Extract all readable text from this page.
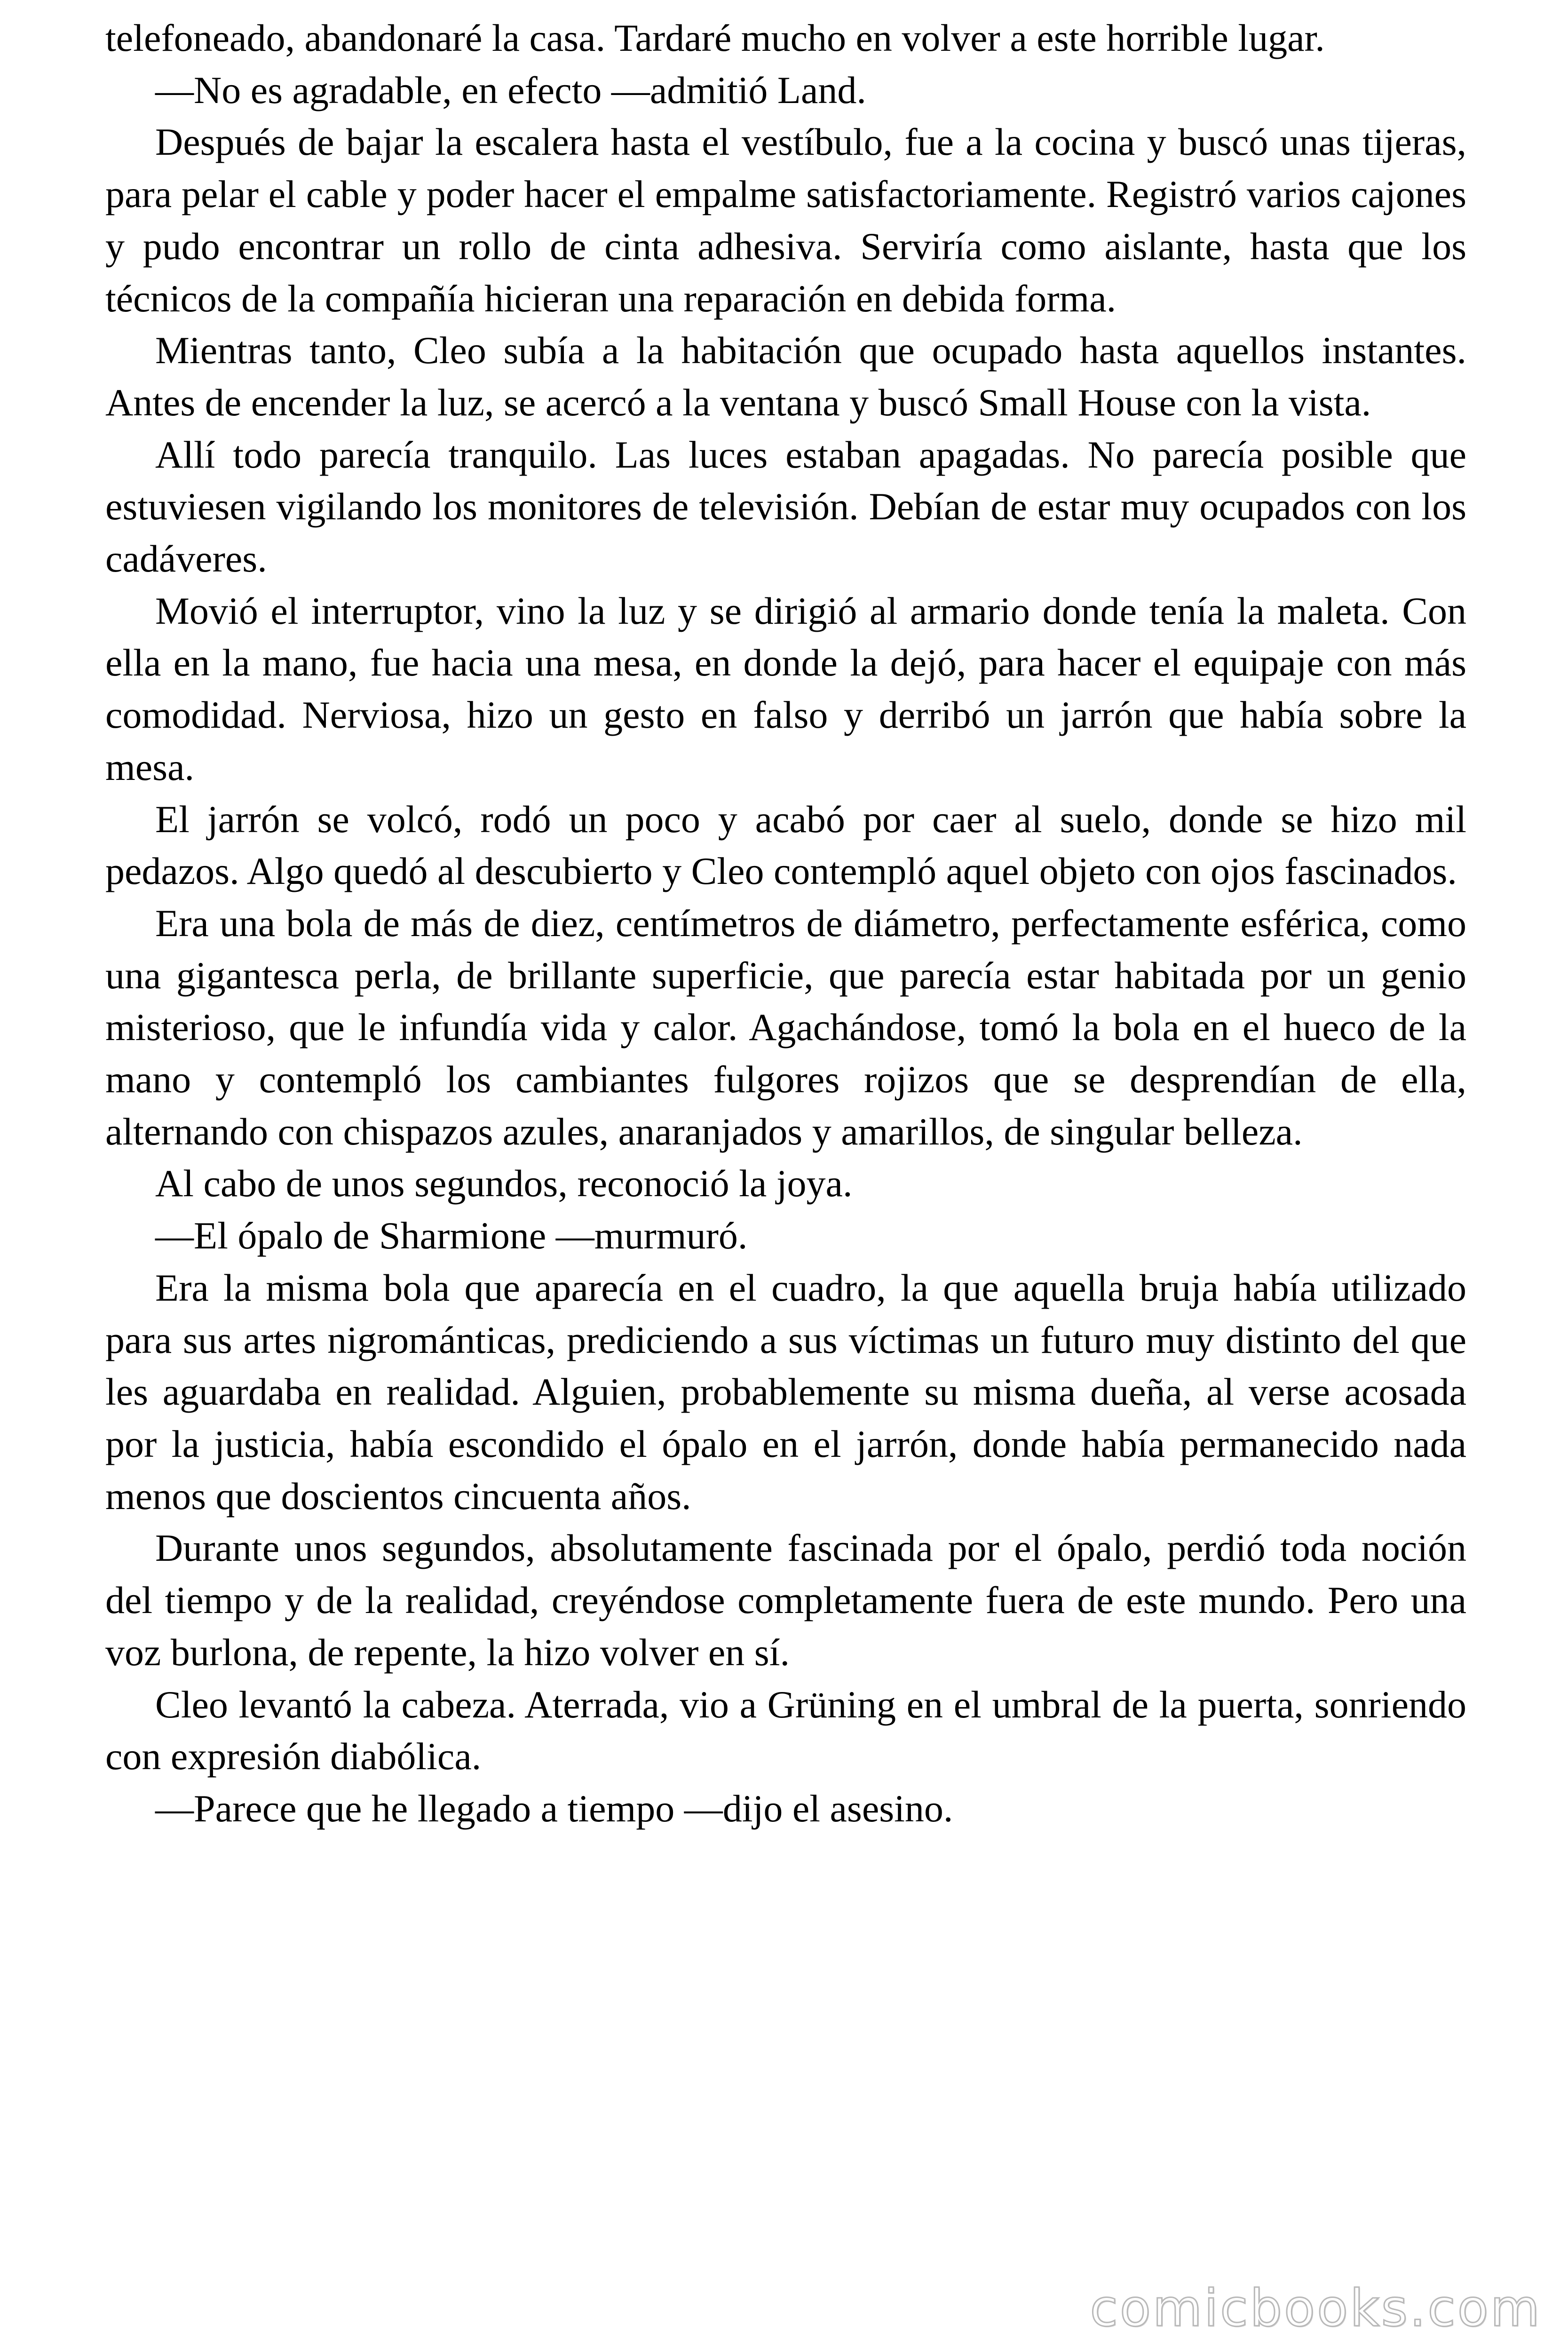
telefoneado, abandonaré la casa. Tardaré mucho en volver a este horrible lugar.

—No es agradable, en efecto —admitió Land.

Después de bajar la escalera hasta el vestíbulo, fue a la cocina y buscó unas tijeras, para pelar el cable y poder hacer el empalme satisfactoriamente. Registró varios cajones y pudo encontrar un rollo de cinta adhesiva. Serviría como aislante, hasta que los técnicos de la compañía hicieran una reparación en debida forma.

Mientras tanto, Cleo subía a la habitación que ocupado hasta aquellos instantes. Antes de encender la luz, se acercó a la ventana y buscó Small House con la vista.

Allí todo parecía tranquilo. Las luces estaban apagadas. No parecía posible que estuviesen vigilando los monitores de televisión. Debían de estar muy ocupados con los cadáveres.

Movió el interruptor, vino la luz y se dirigió al armario donde tenía la maleta. Con ella en la mano, fue hacia una mesa, en donde la dejó, para hacer el equipaje con más comodidad. Nerviosa, hizo un gesto en falso y derribó un jarrón que había sobre la mesa.

El jarrón se volcó, rodó un poco y acabó por caer al suelo, donde se hizo mil pedazos. Algo quedó al descubierto y Cleo contempló aquel objeto con ojos fascinados.

Era una bola de más de diez, centímetros de diámetro, perfectamente esférica, como una gigantesca perla, de brillante superficie, que parecía estar habitada por un genio misterioso, que le infundía vida y calor. Agachándose, tomó la bola en el hueco de la mano y contempló los cambiantes fulgores rojizos que se desprendían de ella, alternando con chispazos azules, anaranjados y amarillos, de singular belleza.

Al cabo de unos segundos, reconoció la joya.

—El ópalo de Sharmione —murmuró.

Era la misma bola que aparecía en el cuadro, la que aquella bruja había utilizado para sus artes nigrománticas, prediciendo a sus víctimas un futuro muy distinto del que les aguardaba en realidad. Alguien, probablemente su misma dueña, al verse acosada por la justicia, había escondido el ópalo en el jarrón, donde había permanecido nada menos que doscientos cincuenta años.

Durante unos segundos, absolutamente fascinada por el ópalo, perdió toda noción del tiempo y de la realidad, creyéndose completamente fuera de este mundo. Pero una voz burlona, de repente, la hizo volver en sí.

Cleo levantó la cabeza. Aterrada, vio a Grüning en el umbral de la puerta, sonriendo con expresión diabólica.

—Parece que he llegado a tiempo —dijo el asesino.

comicbooks.com
